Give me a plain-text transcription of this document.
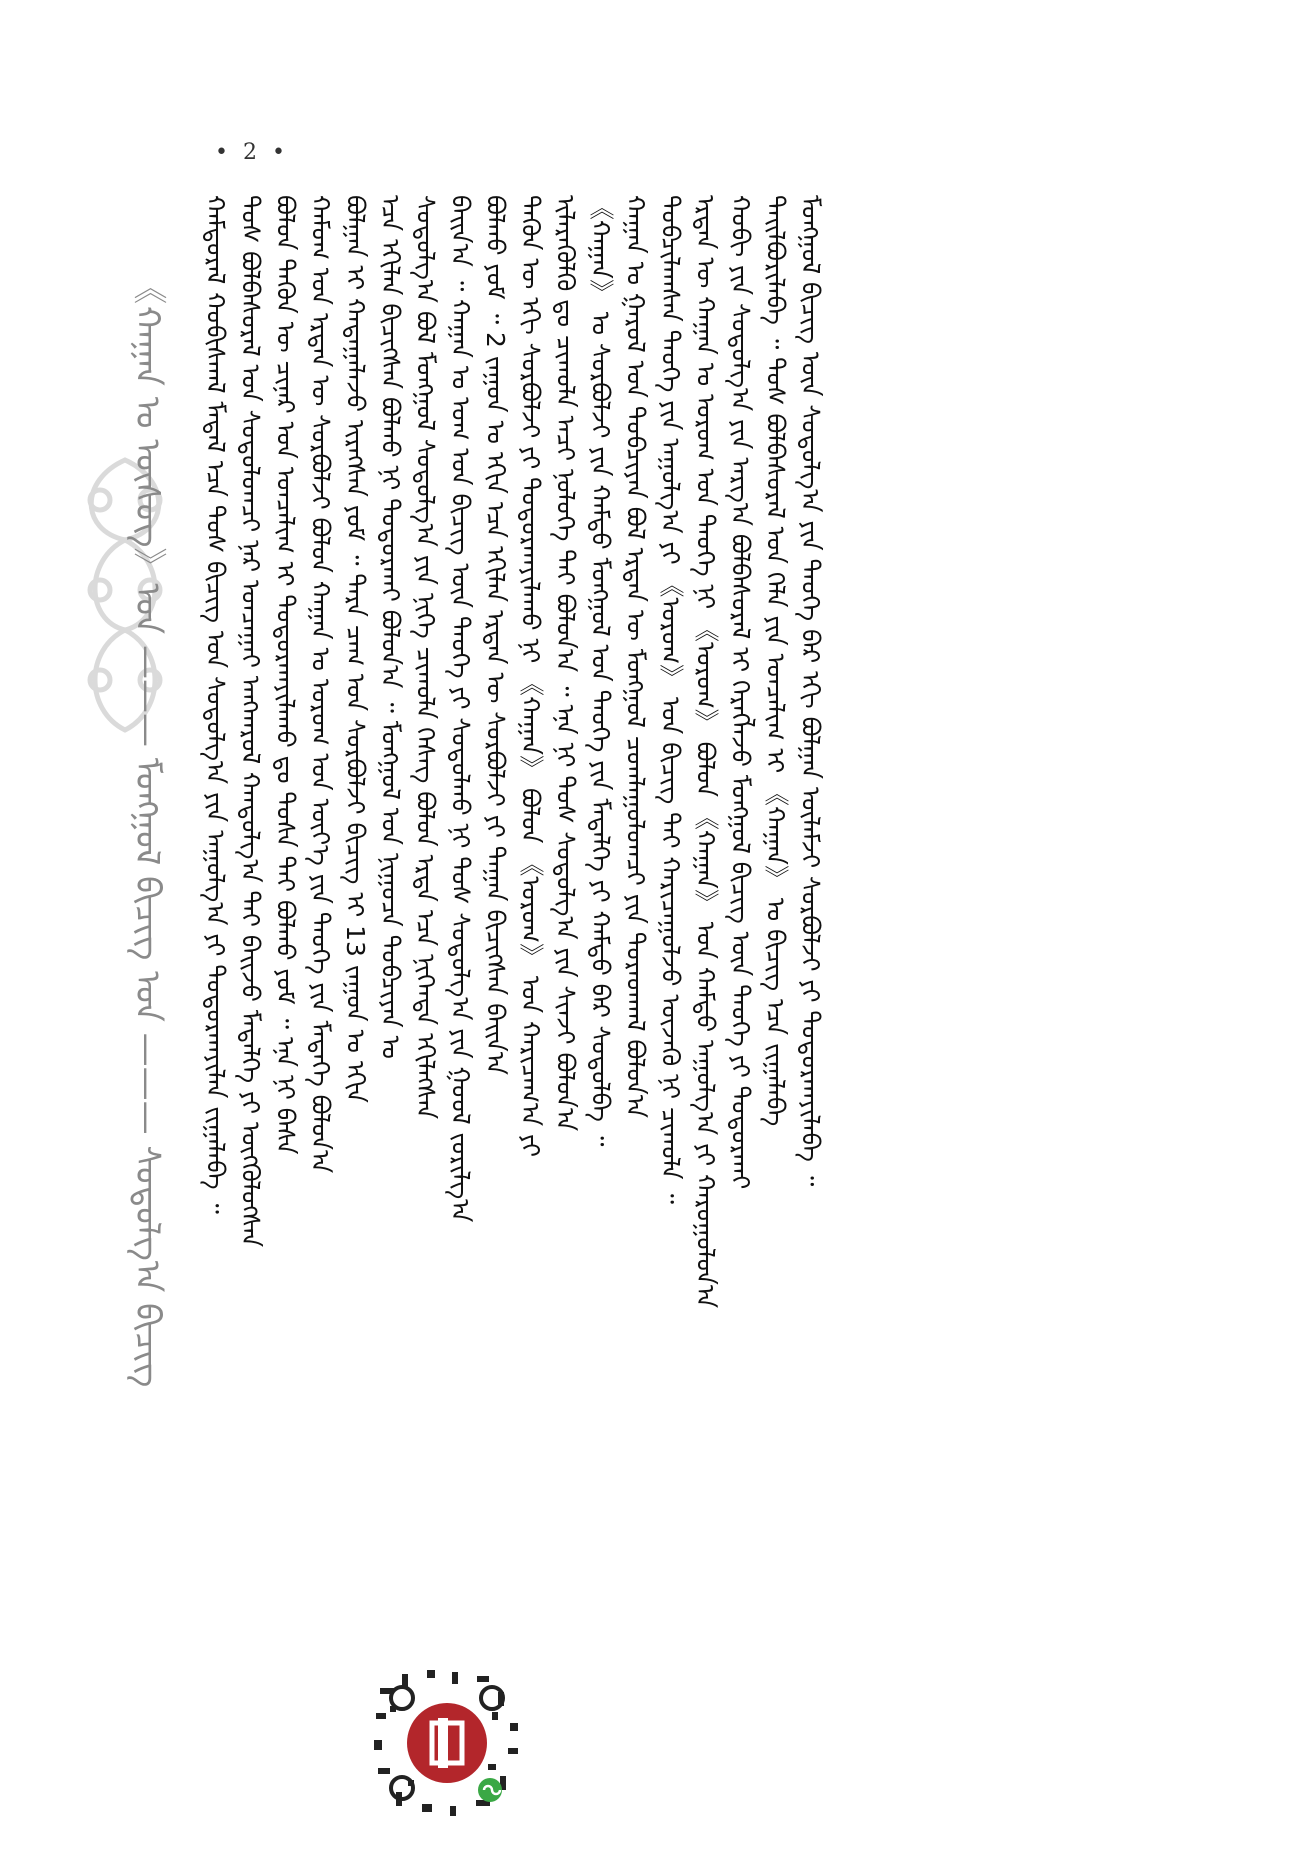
• 2 •
《ᠬᠠᠭᠠᠨ ᠣ ᠦᠰᠦᠭ》ᠤᠨ ——— ᠮᠣᠩᠭᠣᠯ ᠪᠢᠴᠢᠭ ᠤᠨ ——— ᠰᠤᠳᠤᠯᠭ᠎ᠠ ᠪᠢᠴᠢᠭ	ᠬᠠᠮᠲᠤᠷᠠᠯ ᠬᠤᠪᠢᠰᠬᠠᠯ ᠮᠡᠳᠡᠯ ᠡᠴᠡ ᠲᠣᠰ ᠪᠢᠴᠢᠭ ᠤᠨ ᠰᠤᠳᠤᠯᠭ᠎ᠠ ᠶᠢᠨ ᠠᠭᠤᠯᠭ᠎ᠠ ᠶᠢ ᠲᠣᠳᠤᠷᠬᠠᠶᠢᠯᠠᠨ ᠵᠢᠭᠠᠯᠠᠪᠠ ᠃ ᠲᠤᠰ ᠪᠣᠯᠪᠠᠰᠤᠷᠠᠯ ᠤᠨ ᠰᠤᠳᠤᠯᠤᠭᠴᠢ ᠨᠠᠷ ᠣᠨᠴᠠᠭᠠᠢ ᠠᠩᠬᠠᠷᠤᠯ ᠬᠠᠨᠳᠤᠯᠭ᠎ᠠ ᠲᠠᠢ ᠪᠠᠢᠵᠤ ᠮᠡᠳᠡᠯᠭᠡ ᠶᠢ ᠦᠭᠭᠦᠯᠦᠭᠰᠡᠨ ᠪᠣᠯᠣᠨ ᠲᠡᠭᠦᠨ ᠦ ᠴᠢᠨᠠᠷ ᠤᠨ ᠣᠨᠴᠠᠯᠢᠭ ᠢ ᠲᠣᠳᠤᠷᠬᠠᠶᠢᠯᠠᠬᠤ ᠳᠤ ᠲᠤᠰᠠ ᠲᠠᠢ ᠪᠣᠯᠬᠤ ᠶᠤᠮ ᠃ ᠡᠨᠡ ᠨᠢ ᠪᠠᠰᠠ ᠬᠠᠮᠤᠭ ᠤᠨ ᠡᠷᠲᠡᠨ ᠦ ᠰᠤᠷᠪᠤᠯᠵᠢ ᠪᠣᠯᠣᠨ ᠬᠠᠭᠠᠨ ᠤ ᠤᠷᠤᠭ ᠤᠨ ᠦᠶ᠎ᠡ ᠶᠢᠨ ᠲᠡᠦᠬᠡ ᠶᠢᠨ ᠮᠡᠳᠡᠭᠡ ᠪᠣᠯᠤᠨ᠎ᠠ ᠪᠣᠯᠭᠠᠨ ᠢ ᠬᠠᠳᠠᠭᠠᠯᠠᠵᠤ ᠢᠷᠡᠭᠰᠡᠨ ᠶᠤᠮ ᠃ ᠲᠡᠷᠡ ᠴᠠᠭ ᠤᠨ ᠰᠤᠷᠪᠤᠯᠵᠢ ᠪᠢᠴᠢᠭ ᠢ 13 ᠵᠠᠭᠤᠨ ᠤ ᠡᠬᠢᠨ ᠡᠴᠡ ᠡᠬᠢᠯᠡᠨ ᠪᠢᠴᠢᠭᠰᠡᠨ ᠪᠣᠯᠬᠤ ᠨᠢ ᠲᠣᠳᠤᠷᠬᠠᠶ ᠪᠣᠯᠤᠨ᠎ᠠ ᠃ ᠮᠣᠩᠭᠣᠯ ᠤᠨ ᠨᠢᠭᠤᠴᠠ ᠲᠣᠪᠴᠢᠶᠠᠨ ᠤ ᠰᠤᠳᠤᠯᠭ᠎ᠠ ᠪᠣᠯ ᠮᠣᠩᠭᠣᠯ ᠰᠤᠳᠤᠯᠭ᠎ᠠ ᠶᠢᠨ ᠨᠢᠭᠡ ᠴᠢᠬᠤᠯᠠ ᠬᠡᠰᠡᠭ ᠪᠣᠯᠣᠨ ᠡᠷᠲᠡ ᠡᠴᠡ ᠨᠢᠭᠡᠨᠲᠡ ᠡᠬᠢᠯᠡᠭᠰᠡᠨ ᠪᠠᠢᠨ᠎ᠠ ᠃ ᠬᠠᠭᠠᠨ ᠤ ᠤᠭ ᠤᠨ ᠪᠢᠴᠢᠭ ᠦᠨ ᠲᠡᠦᠬᠡ ᠶᠢ ᠰᠤᠳᠤᠯᠬᠤ ᠨᠢ ᠲᠤᠰ ᠰᠤᠳᠤᠯᠭ᠎ᠠ ᠶᠢᠨ ᠭᠣᠣᠯ ᠵᠣᠷᠢᠯᠭ᠎ᠠ ᠪᠣᠯᠬᠤ ᠶᠤᠮ ᠃ 2 ᠵᠠᠭᠤᠨ ᠤ ᠡᠬᠢᠨ ᠡᠴᠡ ᠡᠬᠢᠯᠡᠨ ᠡᠷᠲᠡᠨ ᠦ ᠰᠤᠷᠪᠤᠯᠵᠢ ᠶᠢ ᠳᠠᠭᠠᠨ ᠪᠢᠴᠢᠭᠰᠡᠨ ᠪᠠᠢᠨ᠎ᠠ ᠲᠡᠭᠦᠨ ᠦ ᠡᠬᠢ ᠰᠤᠷᠪᠤᠯᠵᠢ ᠶᠢ ᠲᠣᠳᠤᠷᠬᠠᠶᠢᠯᠠᠬᠤ ᠨᠢ 《ᠬᠠᠭᠠᠨ》 ᠪᠣᠯᠣᠨ 《ᠤᠷᠤᠭ》 ᠤᠨ ᠬᠠᠷᠢᠴᠠᠭ᠎ᠠ ᠶᠢ ᠢᠯᠡᠷᠡᠭᠦᠯᠬᠦ ᠳᠤ ᠴᠢᠬᠤᠯᠠ ᠠᠴᠢ ᠨᠣᠯᠣᠭᠡ ᠲᠠᠢ ᠪᠣᠯᠣᠨ᠎ᠠ ᠃ ᠡᠨᠡ ᠨᠢ ᠲᠤᠰ ᠰᠤᠳᠤᠯᠭ᠎ᠠ ᠶᠢᠨ ᠰᠢᠨᠵᠢ ᠪᠣᠯᠤᠨ᠎ᠠ 《ᠬᠠᠭᠠᠨ》 ᠤ ᠰᠤᠷᠪᠤᠯᠵᠢ ᠶᠢᠨ ᠬᠠᠮᠲᠤ ᠮᠣᠩᠭᠣᠯ ᠤᠨ ᠲᠡᠦᠬᠡ ᠶᠢᠨ ᠮᠡᠳᠡᠯᠭᠡ ᠶᠢ ᠬᠠᠮᠲᠤ ᠪᠠᠷ ᠰᠤᠳᠤᠯᠪᠠ ᠃ ᠬᠠᠭᠠᠨ ᠤ ᠭᠠᠷᠤᠯ ᠤᠨ ᠲᠣᠪᠴᠢᠶᠠᠨ ᠪᠣᠯ ᠡᠷᠲᠡᠨ ᠦ ᠮᠣᠩᠭᠣᠯ ᠴᠤᠭᠯᠠᠭᠤᠯᠤᠭᠴᠢ ᠶᠢᠨ ᠳᠤᠷᠠᠳᠬᠠᠯ ᠪᠣᠯᠤᠨ᠎ᠠ ᠲᠣᠪᠴᠢᠯᠠᠭᠰᠠᠨ ᠲᠡᠦᠬᠡ ᠶᠢᠨ ᠠᠭᠤᠯᠭ᠎ᠠ ᠶᠢ 《ᠤᠷᠤᠭ》 ᠤᠨ ᠪᠢᠴᠢᠭ ᠲᠠᠢ ᠬᠠᠷᠢᠴᠠᠭᠤᠯᠵᠤ ᠦᠵᠡᠬᠦ ᠨᠢ ᠴᠢᠬᠤᠯᠠ ᠃ ᠡᠷᠲᠡᠨ ᠦ ᠬᠠᠭᠠᠨ ᠤ ᠤᠷᠤᠭ ᠤᠨ ᠲᠡᠦᠬᠡ ᠨᠢ 《ᠤᠷᠤᠭ》 ᠪᠣᠯᠣᠨ 《ᠬᠠᠭᠠᠨ》 ᠤᠨ ᠬᠠᠮᠲᠤ ᠠᠭᠤᠯᠭ᠎ᠠ ᠶᠢ ᠬᠠᠷᠤᠭᠤᠯᠤᠨ᠎ᠠ ᠬᠤᠪᠢ ᠶᠢᠨ ᠰᠤᠳᠤᠯᠭ᠎ᠠ ᠶᠢᠨ ᠠᠷᠭ᠎ᠠ ᠪᠣᠯᠪᠠᠰᠤᠷᠠᠯ ᠢ ᠬᠡᠷᠡᠭᠯᠡᠵᠦ ᠮᠣᠩᠭᠣᠯ ᠪᠢᠴᠢᠭ ᠦᠨ ᠲᠡᠦᠬᠡ ᠶᠢ ᠲᠣᠳᠤᠷᠬᠠᠶ ᠲᠠᠢᠯᠪᠤᠷᠢᠯᠠᠪᠠ ᠃ ᠲᠤᠰ ᠪᠣᠯᠪᠠᠰᠤᠷᠠᠯ ᠤᠨ ᠬᠡᠯᠡ ᠶᠢᠨ ᠣᠨᠴᠠᠯᠢᠭ ᠢ 《ᠬᠠᠭᠠᠨ》 ᠤ ᠪᠢᠴᠢᠭ ᠡᠴᠡ ᠵᠢᠭᠠᠯᠠᠪᠠ ᠮᠣᠩᠭᠣᠯ ᠪᠢᠴᠢᠭ ᠦᠨ ᠰᠤᠳᠤᠯᠭ᠎ᠠ ᠶᠢᠨ ᠲᠡᠦᠬᠡ ᠪᠠᠷ ᠡᠬᠢ ᠪᠣᠯᠭᠠᠨ ᠦᠯᠡᠮᠵᠢ ᠰᠤᠷᠪᠤᠯᠵᠢ ᠶᠢ ᠲᠣᠳᠤᠷᠬᠠᠶᠢᠯᠠᠪᠠ ᠃
